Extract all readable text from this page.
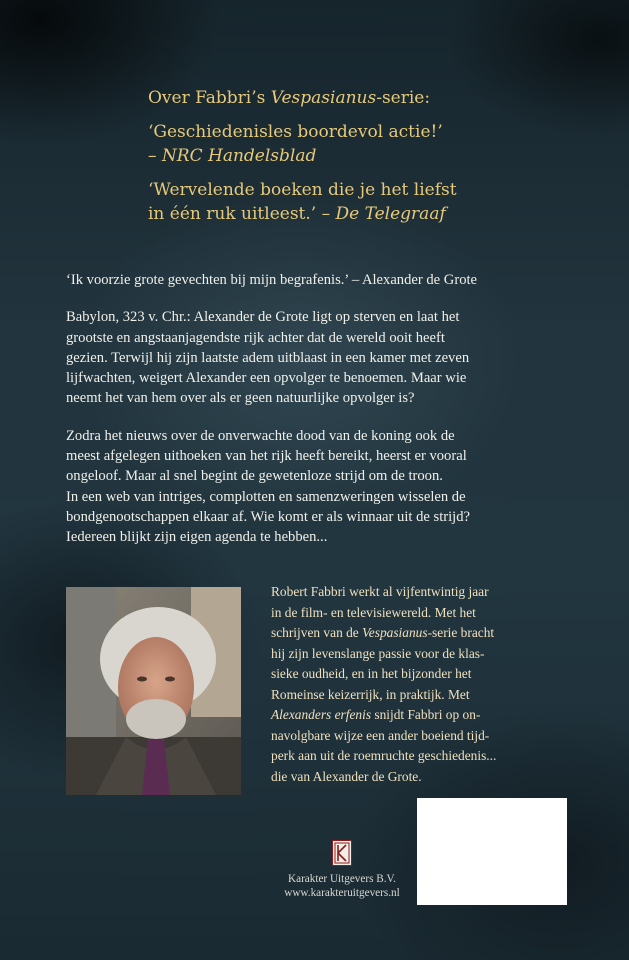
Over Fabbri’s Vespasianus-serie:

‘Geschiedenisles boordevol actie!’
– NRC Handelsblad

‘Wervelende boeken die je het liefst
in één ruk uitleest.’ – De Telegraaf

‘Ik voorzie grote gevechten bij mijn begrafenis.’ – Alexander de Grote

Babylon, 323 v. Chr.: Alexander de Grote ligt op sterven en laat het
grootste en angstaanjagendste rijk achter dat de wereld ooit heeft
gezien. Terwijl hij zijn laatste adem uitblaast in een kamer met zeven
lijfwachten, weigert Alexander een opvolger te benoemen. Maar wie
neemt het van hem over als er geen natuurlijke opvolger is?

Zodra het nieuws over de onverwachte dood van de koning ook de
meest afgelegen uithoeken van het rijk heeft bereikt, heerst er vooral
ongeloof. Maar al snel begint de gewetenloze strijd om de troon.
In een web van intriges, complotten en samenzweringen wisselen de
bondgenootschappen elkaar af. Wie komt er als winnaar uit de strijd?
Iedereen blijkt zijn eigen agenda te hebben...

Robert Fabbri werkt al vijfentwintig jaar
in de film- en televisiewereld. Met het
schrijven van de Vespasianus-serie bracht
hij zijn levenslange passie voor de klas-
sieke oudheid, en in het bijzonder het
Romeinse keizerrijk, in praktijk. Met
Alexanders erfenis snijdt Fabbri op on-
navolgbare wijze een ander boeiend tijd-
perk aan uit de roemruchte geschiedenis...
die van Alexander de Grote.
Karakter Uitgevers B.V.
www.karakteruitgevers.nl
